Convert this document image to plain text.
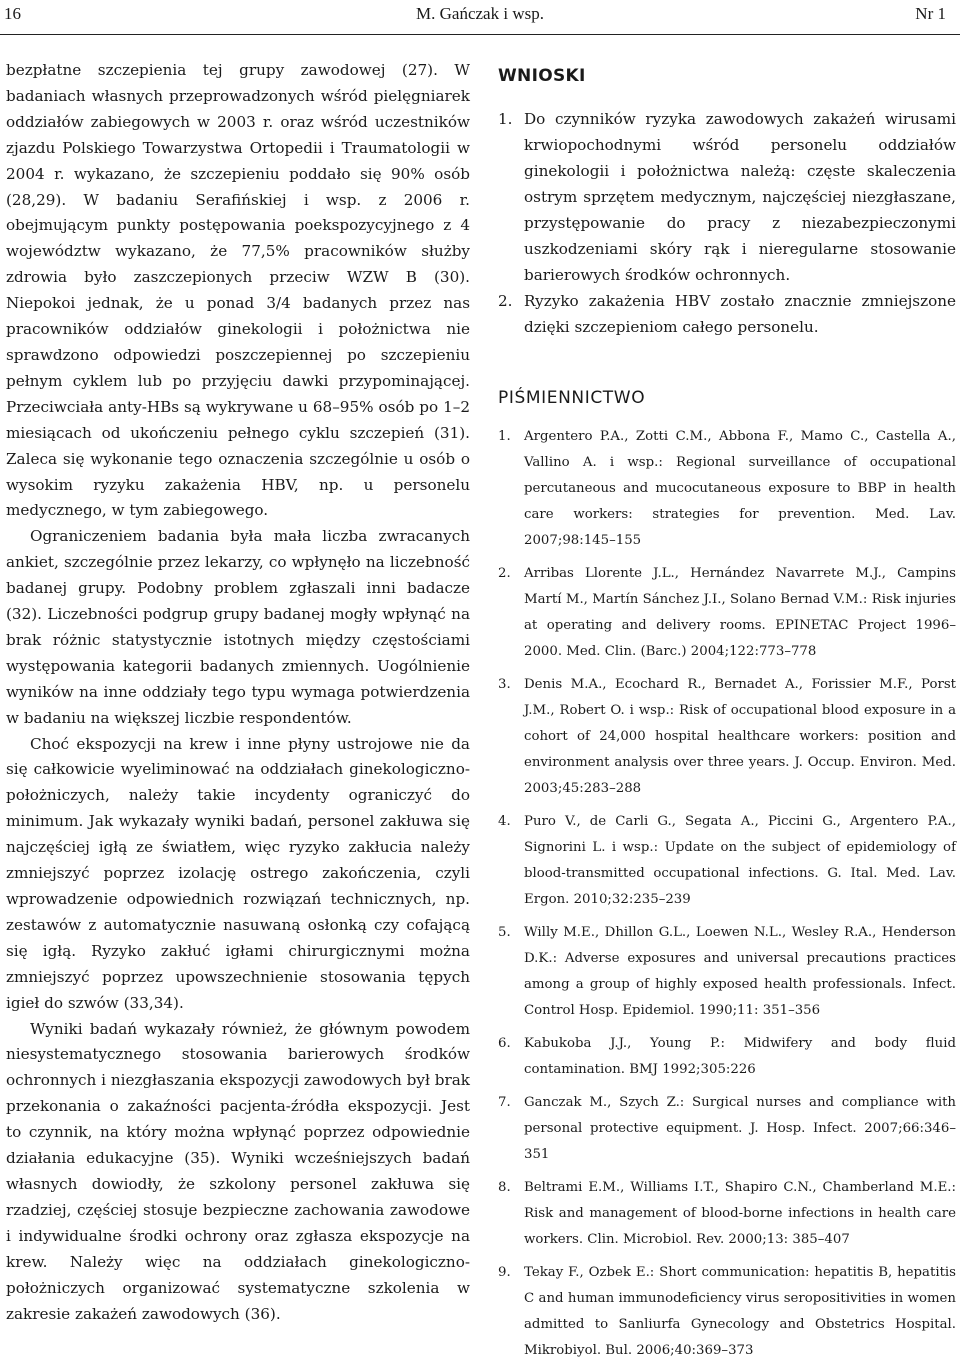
16	M. Gańczak i wsp.	Nr 1

bezpłatne szczepienia tej grupy zawodowej (27). W badaniach własnych przeprowadzonych wśród pielęgniarek oddziałów zabiegowych w 2003 r. oraz wśród uczestników zjazdu Polskiego Towarzystwa Ortopedii i Traumatologii w 2004 r. wykazano, że szczepieniu poddało się 90% osób (28,29). W badaniu Serafińskiej i wsp. z 2006 r. obejmującym punkty postępowania poekspozycyjnego z 4 województw wykazano, że 77,5% pracowników służby zdrowia było zaszczepionych przeciw WZW B (30). Niepokoi jednak, że u ponad 3/4 badanych przez nas pracowników oddziałów ginekologii i położnictwa nie sprawdzono odpowiedzi poszczepiennej po szczepieniu pełnym cyklem lub po przyjęciu dawki przypominającej. Przeciwciała anty-HBs są wykrywane u 68–95% osób po 1–2 miesiącach od ukończeniu pełnego cyklu szczepień (31). Zaleca się wykonanie tego oznaczenia szczególnie u osób o wysokim ryzyku zakażenia HBV, np. u personelu medycznego, w tym zabiegowego.

Ograniczeniem badania była mała liczba zwracanych ankiet, szczególnie przez lekarzy, co wpłynęło na liczebność badanej grupy. Podobny problem zgłaszali inni badacze (32). Liczebności podgrup grupy badanej mogły wpłynąć na brak różnic statystycznie istotnych między częstościami występowania kategorii badanych zmiennych. Uogólnienie wyników na inne oddziały tego typu wymaga potwierdzenia w badaniu na większej liczbie respondentów.

Choć ekspozycji na krew i inne płyny ustrojowe nie da się całkowicie wyeliminować na oddziałach ginekologiczno-położniczych, należy takie incydenty ograniczyć do minimum. Jak wykazały wyniki badań, personel zakłuwa się najczęściej igłą ze światłem, więc ryzyko zakłucia należy zmniejszyć poprzez izolację ostrego zakończenia, czyli wprowadzenie odpowiednich rozwiązań technicznych, np. zestawów z automatycznie nasuwaną osłonką czy cofającą się igłą. Ryzyko zakłuć igłami chirurgicznymi można zmniejszyć poprzez upowszechnienie stosowania tępych igieł do szwów (33,34).

Wyniki badań wykazały również, że głównym powodem niesystematycznego stosowania barierowych środków ochronnych i niezgłaszania ekspozycji zawodowych był brak przekonania o zakaźności pacjenta-źródła ekspozycji. Jest to czynnik, na który można wpłynąć poprzez odpowiednie działania edukacyjne (35). Wyniki wcześniejszych badań własnych dowiodły, że szkolony personel zakłuwa się rzadziej, częściej stosuje bezpieczne zachowania zawodowe i indywidualne środki ochrony oraz zgłasza ekspozycje na krew. Należy więc na oddziałach ginekologiczno-położniczych organizować systematyczne szkolenia w zakresie zakażeń zawodowych (36).

WNIOSKI
1. Do czynników ryzyka zawodowych zakażeń wirusami krwiopochodnymi wśród personelu oddziałów ginekologii i położnictwa należą: częste skaleczenia ostrym sprzętem medycznym, najczęściej niezgłaszane, przystępowanie do pracy z niezabezpieczonymi uszkodzeniami skóry rąk i nieregularne stosowanie barierowych środków ochronnych.
2. Ryzyko zakażenia HBV zostało znacznie zmniejszone dzięki szczepieniom całego personelu.
PIŚMIENNICTWO
1. Argentero P.A., Zotti C.M., Abbona F., Mamo C., Castella A., Vallino A. i wsp.: Regional surveillance of occupational percutaneous and mucocutaneous exposure to BBP in health care workers: strategies for prevention. Med. Lav. 2007;98:145–155
2. Arribas Llorente J.L., Hernández Navarrete M.J., Campins Martí M., Martín Sánchez J.I., Solano Bernad V.M.: Risk injuries at operating and delivery rooms. EPINETAC Project 1996–2000. Med. Clin. (Barc.) 2004;122:773–778
3. Denis M.A., Ecochard R., Bernadet A., Forissier M.F., Porst J.M., Robert O. i wsp.: Risk of occupational blood exposure in a cohort of 24,000 hospital healthcare workers: position and environment analysis over three years. J. Occup. Environ. Med. 2003;45:283–288
4. Puro V., de Carli G., Segata A., Piccini G., Argentero P.A., Signorini L. i wsp.: Update on the subject of epidemiology of blood-transmitted occupational infections. G. Ital. Med. Lav. Ergon. 2010;32:235–239
5. Willy M.E., Dhillon G.L., Loewen N.L., Wesley R.A., Henderson D.K.: Adverse exposures and universal precautions practices among a group of highly exposed health professionals. Infect. Control Hosp. Epidemiol. 1990;11: 351–356
6. Kabukoba J.J., Young P.: Midwifery and body fluid contamination. BMJ 1992;305:226
7. Ganczak M., Szych Z.: Surgical nurses and compliance with personal protective equipment. J. Hosp. Infect. 2007;66:346–351
8. Beltrami E.M., Williams I.T., Shapiro C.N., Chamberland M.E.: Risk and management of blood-borne infections in health care workers. Clin. Microbiol. Rev. 2000;13: 385–407
9. Tekay F., Ozbek E.: Short communication: hepatitis B, hepatitis C and human immunodeficiency virus seropositivities in women admitted to Sanliurfa Gynecology and Obstetrics Hospital. Mikrobiyol. Bul. 2006;40:369–373
